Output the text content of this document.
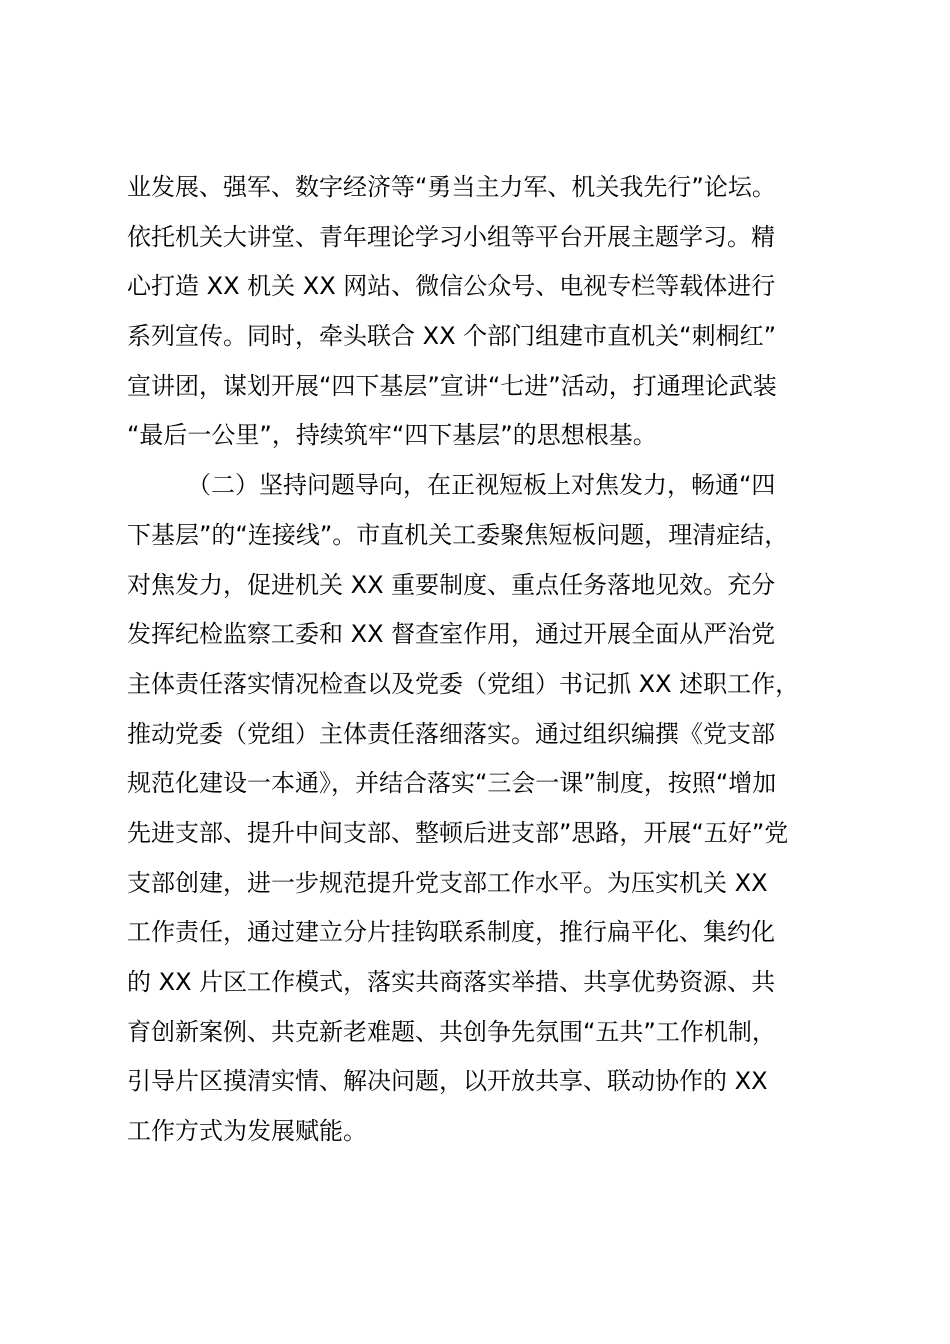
业发展、强军、数字经济等“勇当主力军、机关我先行”论坛。
依托机关大讲堂、青年理论学习小组等平台开展主题学习。精
心打造 XX 机关 XX 网站、微信公众号、电视专栏等载体进行
系列宣传。同时，牵头联合 XX 个部门组建市直机关“刺桐红”
宣讲团，谋划开展“四下基层”宣讲“七进”活动，打通理论武装
“最后一公里”，持续筑牢“四下基层”的思想根基。
（二）坚持问题导向，在正视短板上对焦发力，畅通“四
下基层”的“连接线”。市直机关工委聚焦短板问题，理清症结，
对焦发力，促进机关 XX 重要制度、重点任务落地见效。充分
发挥纪检监察工委和 XX 督查室作用，通过开展全面从严治党
主体责任落实情况检查以及党委（党组）书记抓 XX 述职工作，
推动党委（党组）主体责任落细落实。通过组织编撰《党支部
规范化建设一本通》，并结合落实“三会一课”制度，按照“增加
先进支部、提升中间支部、整顿后进支部”思路，开展“五好”党
支部创建，进一步规范提升党支部工作水平。为压实机关 XX
工作责任，通过建立分片挂钩联系制度，推行扁平化、集约化
的 XX 片区工作模式，落实共商落实举措、共享优势资源、共
育创新案例、共克新老难题、共创争先氛围“五共”工作机制，
引导片区摸清实情、解决问题，以开放共享、联动协作的 XX
工作方式为发展赋能。
